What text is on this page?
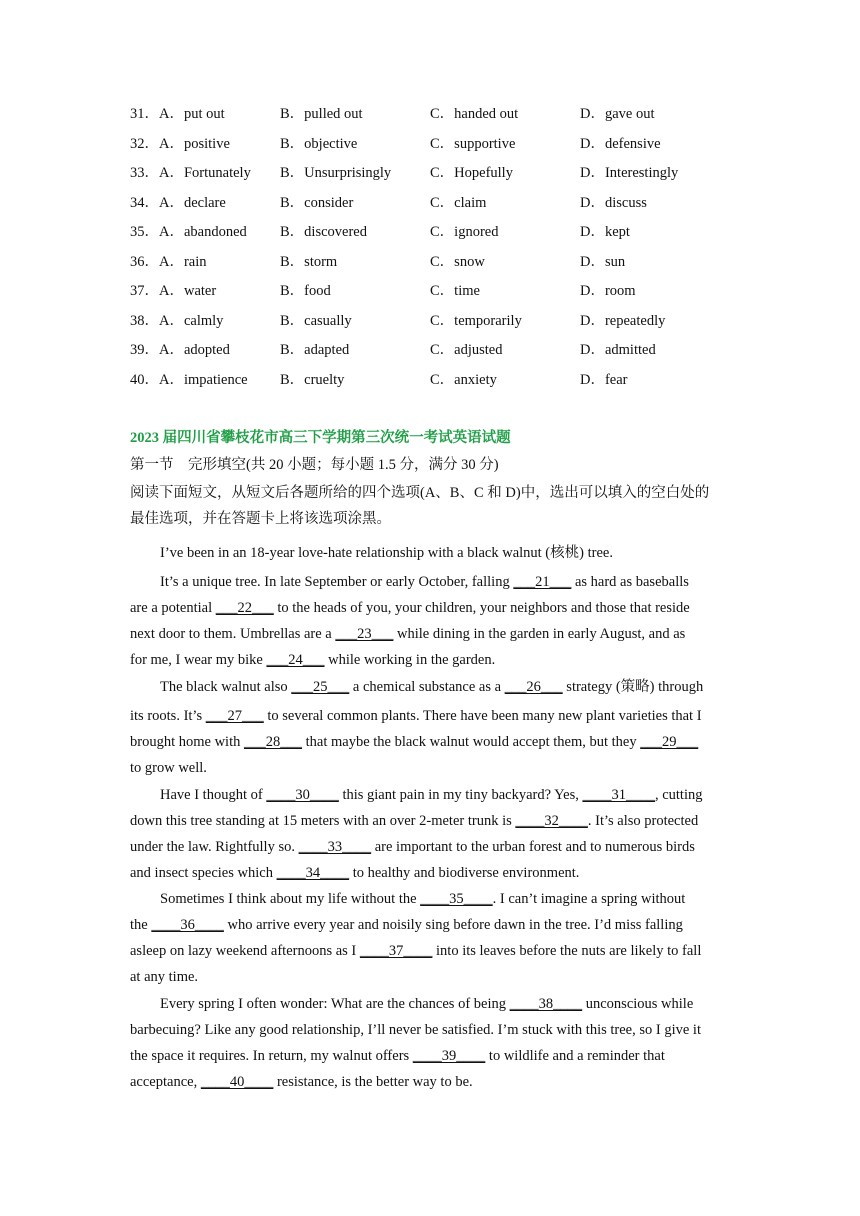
31．A．put out	B．pulled out	C．handed out	D．gave out
32．A．positive	B．objective	C．supportive	D．defensive
33．A．Fortunately B．Unsurprisingly	C．Hopefully	D．Interestingly
34．A．declare	B．consider	C．claim	D．discuss
35．A．abandoned B．discovered	C．ignored	D．kept
36．A．rain	B．storm	C．snow	D．sun
37．A．water	B．food	C．time	D．room
38．A．calmly	B．casually	C．temporarily	D．repeatedly
39．A．adopted	B．adapted	C．adjusted	D．admitted
40．A．impatience B．cruelty	C．anxiety	D．fear
2023 届四川省攀枝花市高三下学期第三次统一考试英语试题
第一节　完形填空(共 20 小题；每小题 1.5 分，满分 30 分)
阅读下面短文，从短文后各题所给的四个选项(A、B、C 和 D)中，选出可以填入的空白处的
最佳选项，并在答题卡上将该选项涂黑。
I’ve been in an 18-year love-hate relationship with a black walnut (核桃) tree.
It’s a unique tree. In late September or early October, falling ___21___ as hard as baseballs
are a potential ___22___ to the heads of you, your children, your neighbors and those that reside
next door to them. Umbrellas are a ___23___ while dining in the garden in early August, and as
for me, I wear my bike ___24___ while working in the garden.
The black walnut also ___25___ a chemical substance as a ___26___ strategy (策略) through
its roots. It’s ___27___ to several common plants. There have been many new plant varieties that I
brought home with ___28___ that maybe the black walnut would accept them, but they ___29___
to grow well.
Have I thought of ____30____ this giant pain in my tiny backyard? Yes, ____31____, cutting
down this tree standing at 15 meters with an over 2-meter trunk is ____32____. It’s also protected
under the law. Rightfully so. ____33____ are important to the urban forest and to numerous birds
and insect species which ____34____ to healthy and biodiverse environment.
Sometimes I think about my life without the ____35____. I can’t imagine a spring without
the ____36____ who arrive every year and noisily sing before dawn in the tree. I’d miss falling
asleep on lazy weekend afternoons as I ____37____ into its leaves before the nuts are likely to fall
at any time.
Every spring I often wonder: What are the chances of being ____38____ unconscious while
barbecuing? Like any good relationship, I’ll never be satisfied. I’m stuck with this tree, so I give it
the space it requires. In return, my walnut offers ____39____ to wildlife and a reminder that
acceptance, ____40____ resistance, is the better way to be.
